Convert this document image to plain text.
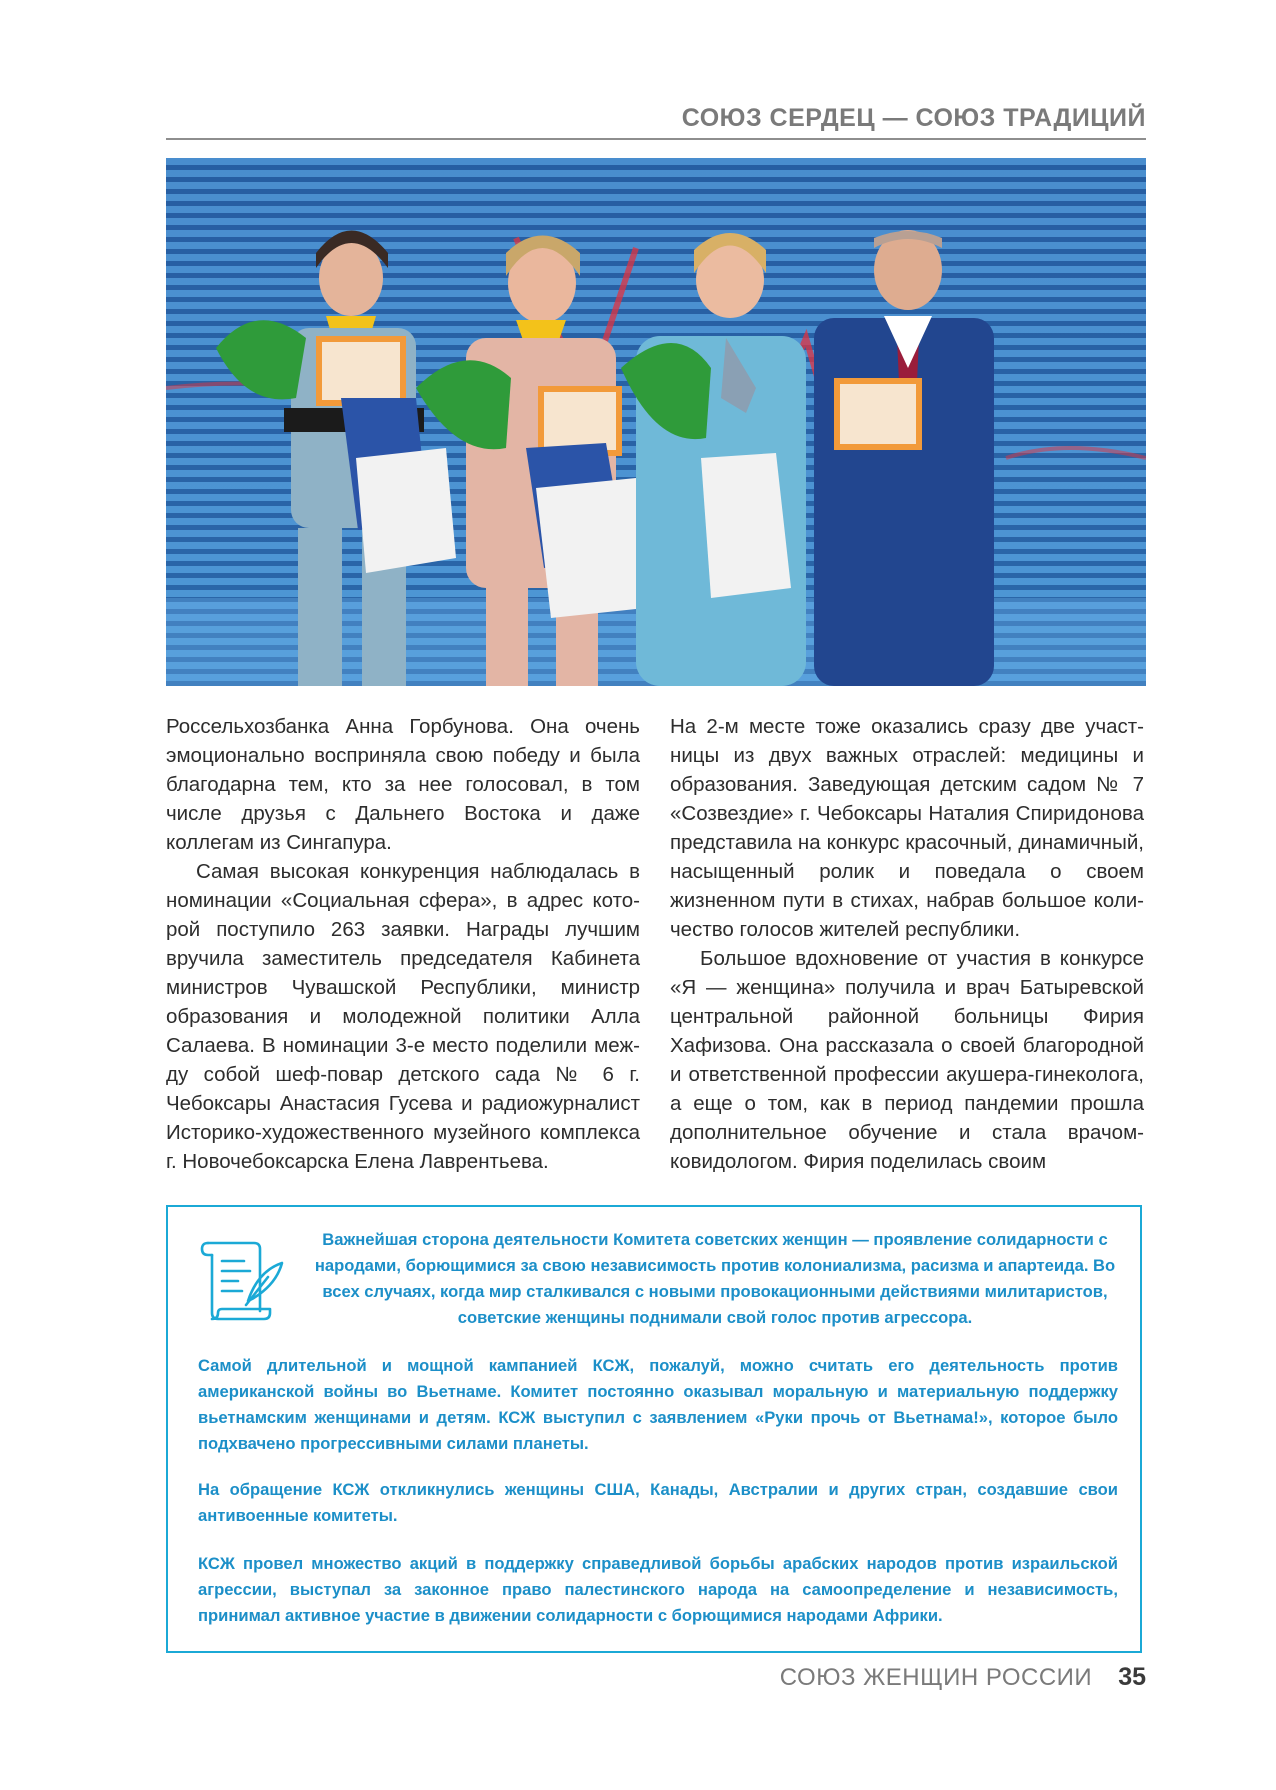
СОЮЗ СЕРДЕЦ — СОЮЗ ТРАДИЦИЙ

Россельхозбанка Анна Горбунова. Она очень эмоционально восприняла свою победу и была благодарна тем, кто за нее голосовал, в том числе друзья с Дальнего Востока и даже коллегам из Сингапура.

Самая высокая конкуренция наблюдалась в номинации «Социальная сфера», в адрес которой поступило 263 заявки. Награды лучшим вручила заместитель председателя Кабинета министров Чувашской Республики, министр образования и молодежной политики Алла Салаева. В номинации 3-е место поделили между собой шеф-повар детского сада № 6 г. Чебоксары Анастасия Гусева и радиожурналист Историко-художественного музейного комплекса г. Новочебоксарска Елена Лаврентьева.

На 2-м месте тоже оказались сразу две участницы из двух важных отраслей: медицины и образования. Заведующая детским садом № 7 «Созвездие» г. Чебоксары Наталия Спиридонова представила на конкурс красочный, динамичный, насыщенный ролик и поведала о своем жизненном пути в стихах, набрав большое количество голосов жителей республики.

Большое вдохновение от участия в конкурсе «Я — женщина» получила и врач Батыревской центральной районной больницы Фирия Хафизова. Она рассказала о своей благородной и ответственной профессии акушера-гинеколога, а еще о том, как в период пандемии прошла дополнительное обучение и стала врачом-ковидологом. Фирия поделилась своим

Важнейшая сторона деятельности Комитета советских женщин — проявление солидарности с народами, борющимися за свою независимость против колониализма, расизма и апартеида. Во всех случаях, когда мир сталкивался с новыми провокационными действиями милитаристов, советские женщины поднимали свой голос против агрессора.
Самой длительной и мощной кампанией КСЖ, пожалуй, можно считать его деятельность против американской войны во Вьетнаме. Комитет постоянно оказывал моральную и материальную поддержку вьетнамским женщинами и детям. КСЖ выступил с заявлением «Руки прочь от Вьетнама!», которое было подхвачено прогрессивными силами планеты.
На обращение КСЖ откликнулись женщины США, Канады, Австралии и других стран, создавшие свои антивоенные комитеты.
КСЖ провел множество акций в поддержку справедливой борьбы арабских народов против израильской агрессии, выступал за законное право палестинского народа на самоопределение и независимость, принимал активное участие в движении солидарности с борющимися народами Африки.
СОЮЗ ЖЕНЩИН РОССИИ 35
